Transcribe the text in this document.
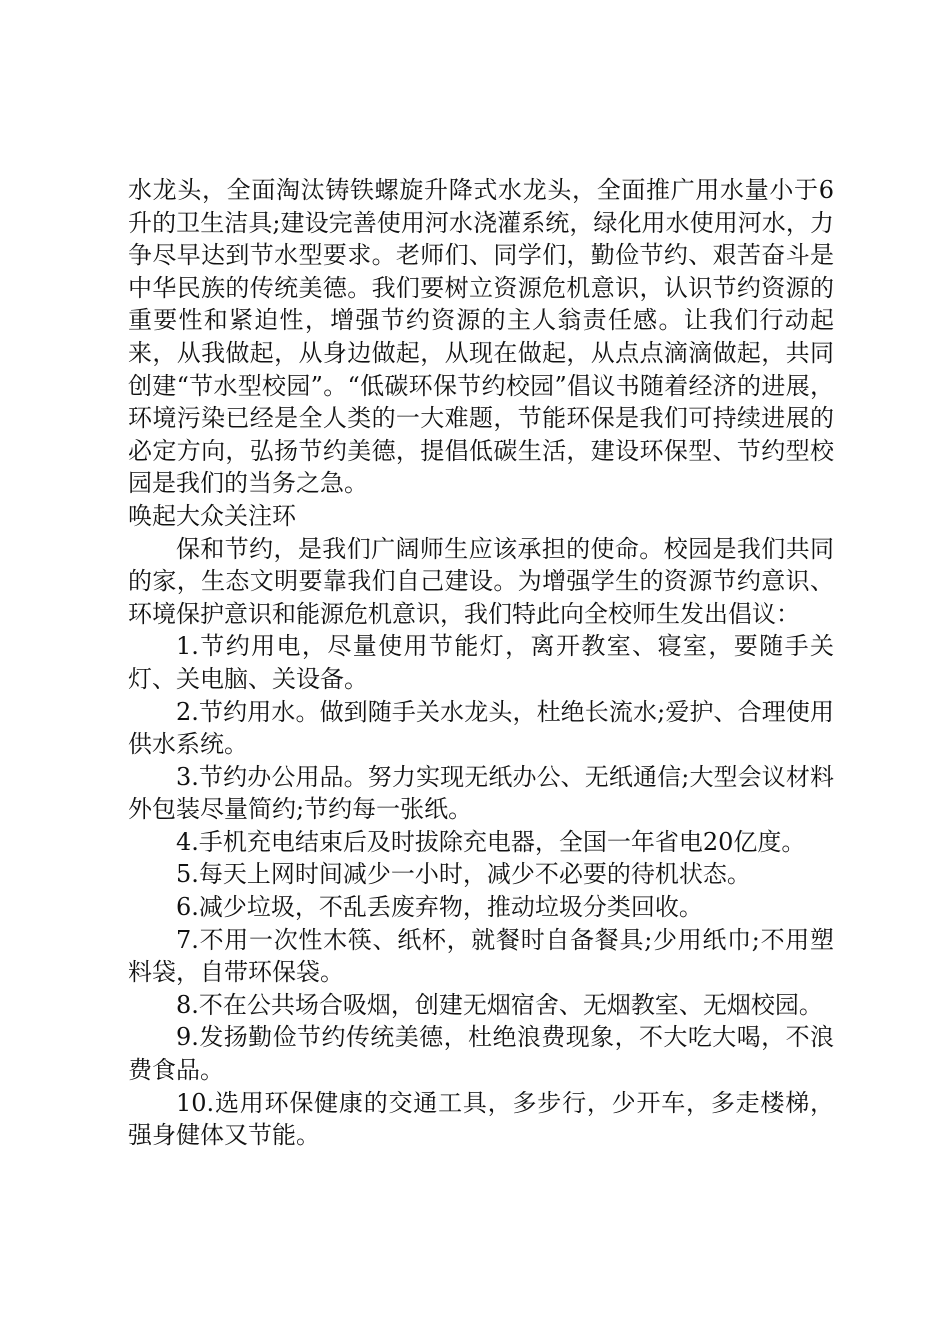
水龙头，全面淘汰铸铁螺旋升降式水龙头，全面推广用水量小于6升的卫生洁具;建设完善使用河水浇灌系统，绿化用水使用河水，力争尽早达到节水型要求。老师们、同学们，勤俭节约、艰苦奋斗是中华民族的传统美德。我们要树立资源危机意识，认识节约资源的重要性和紧迫性，增强节约资源的主人翁责任感。让我们行动起来，从我做起，从身边做起，从现在做起，从点点滴滴做起，共同创建“节水型校园”。“低碳环保节约校园”倡议书随着经济的进展，环境污染已经是全人类的一大难题，节能环保是我们可持续进展的必定方向，弘扬节约美德，提倡低碳生活，建设环保型、节约型校园是我们的当务之急。

唤起大众关注环

保和节约，是我们广阔师生应该承担的使命。校园是我们共同的家，生态文明要靠我们自己建设。为增强学生的资源节约意识、环境保护意识和能源危机意识，我们特此向全校师生发出倡议：

1.节约用电，尽量使用节能灯，离开教室、寝室，要随手关灯、关电脑、关设备。

2.节约用水。做到随手关水龙头，杜绝长流水;爱护、合理使用供水系统。

3.节约办公用品。努力实现无纸办公、无纸通信;大型会议材料外包装尽量简约;节约每一张纸。

4.手机充电结束后及时拔除充电器，全国一年省电20亿度。

5.每天上网时间减少一小时，减少不必要的待机状态。

6.减少垃圾，不乱丢废弃物，推动垃圾分类回收。

7.不用一次性木筷、纸杯，就餐时自备餐具;少用纸巾;不用塑料袋，自带环保袋。

8.不在公共场合吸烟，创建无烟宿舍、无烟教室、无烟校园。

9.发扬勤俭节约传统美德，杜绝浪费现象，不大吃大喝，不浪费食品。

10.选用环保健康的交通工具，多步行，少开车，多走楼梯，强身健体又节能。
